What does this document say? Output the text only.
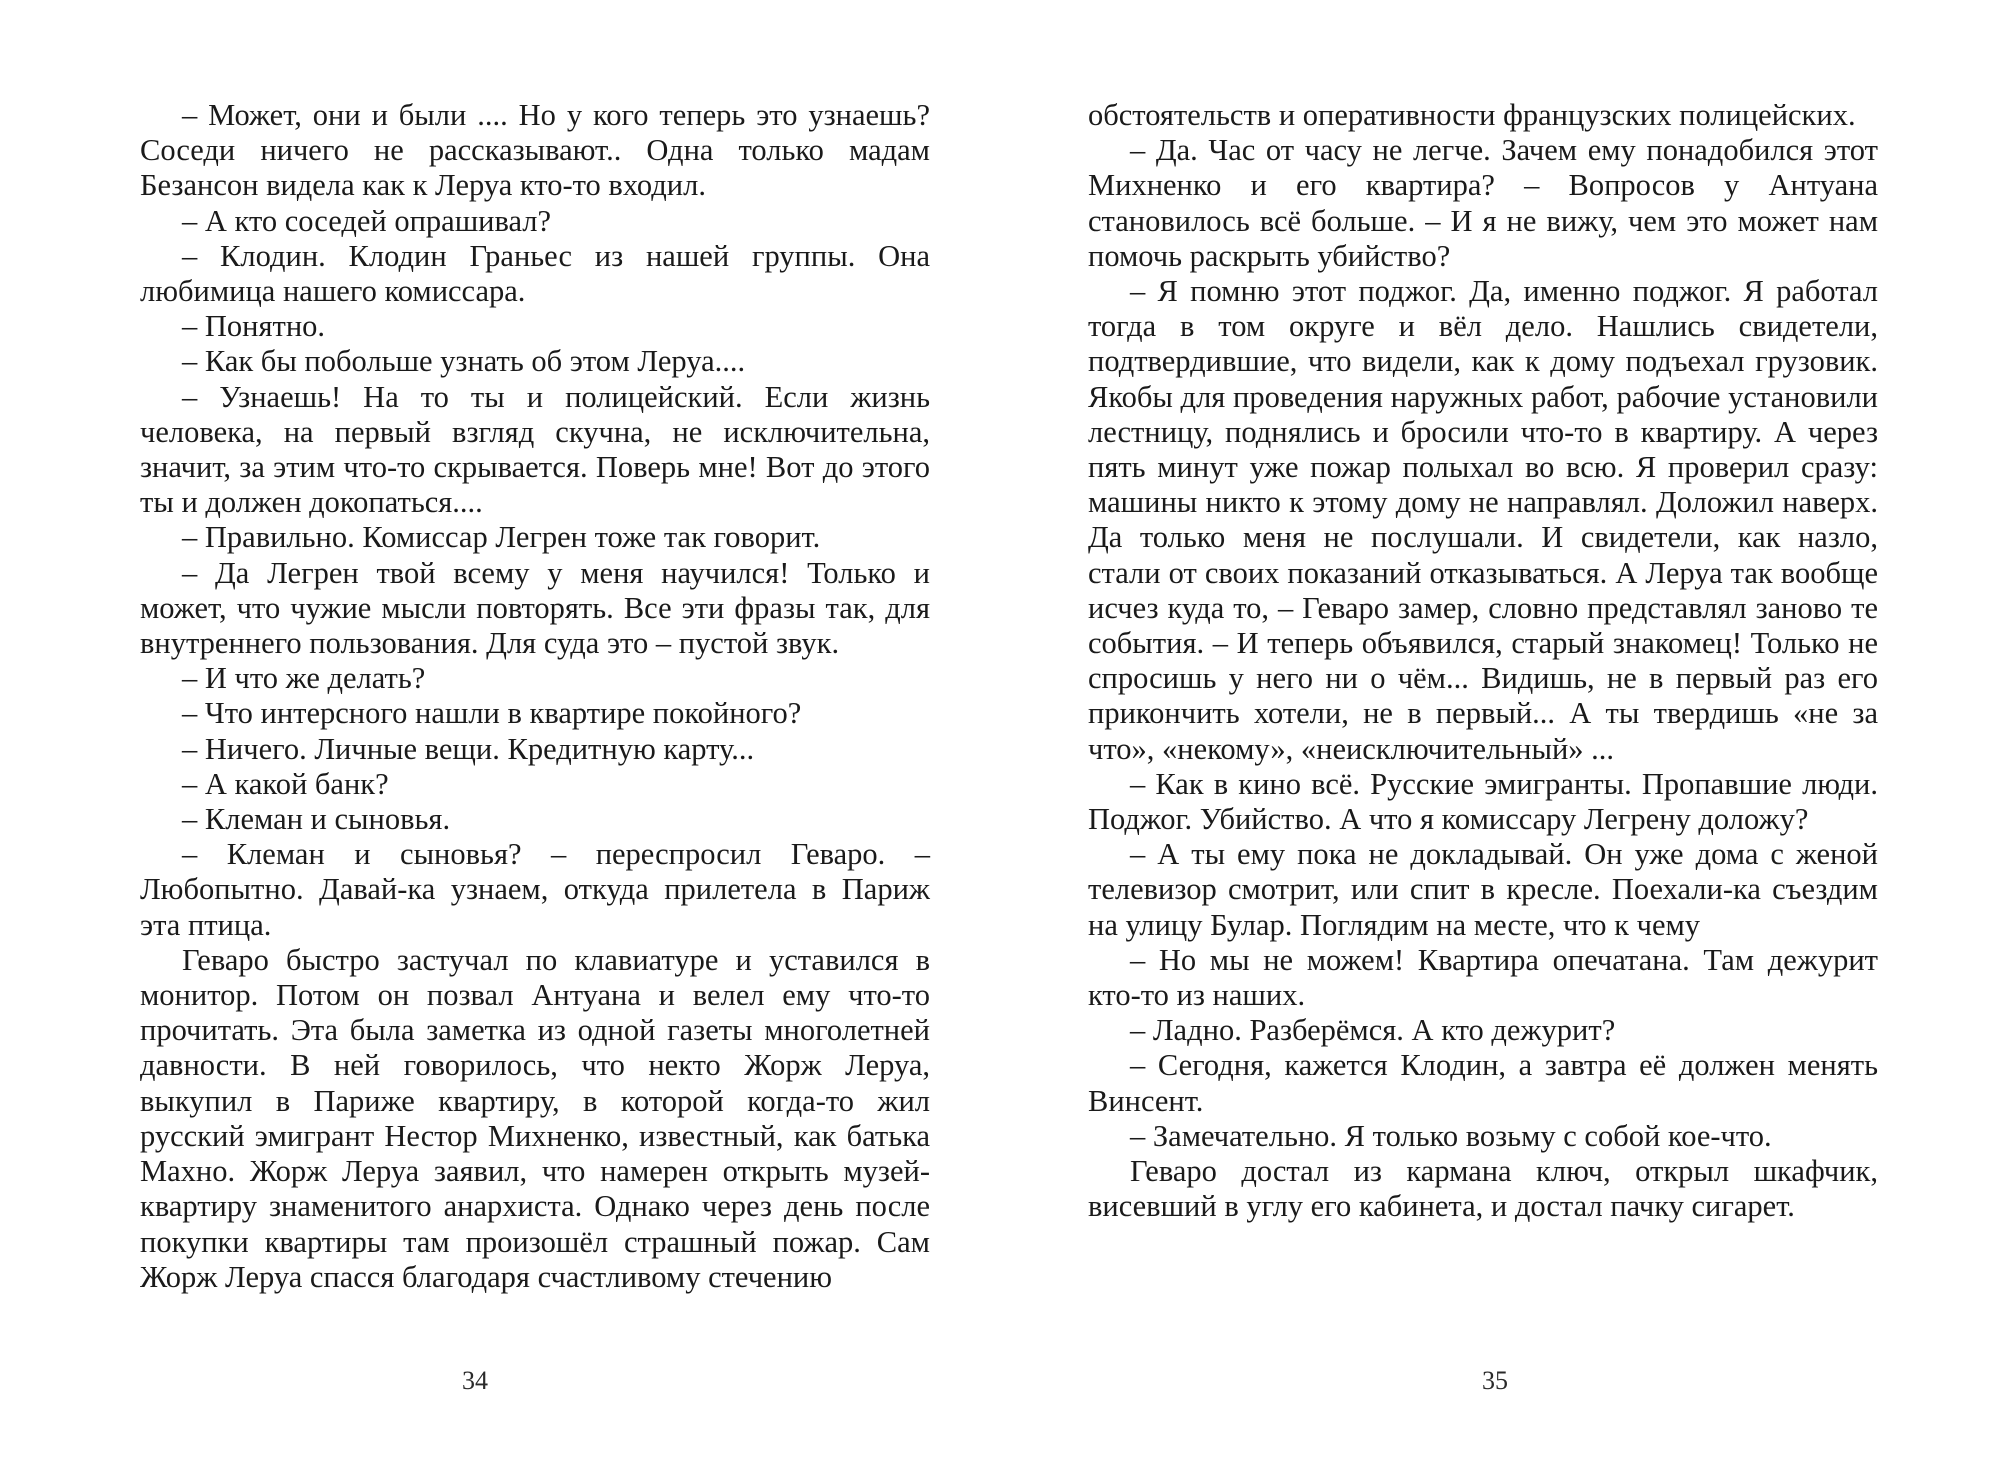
– Может, они и были .... Но у кого теперь это узнаешь? Соседи ничего не рассказывают.. Одна только мадам Безансон видела как к Леруа кто-то входил.

– А кто соседей опрашивал?

– Клодин. Клодин Граньес из нашей группы. Она любимица нашего комиссара.

– Понятно.

– Как бы побольше узнать об этом Леруа....

– Узнаешь! На то ты и полицейский. Если жизнь человека, на первый взгляд скучна, не исключительна, значит, за этим что-то скрывается. Поверь мне! Вот до этого ты и должен докопаться....

– Правильно. Комиссар Легрен тоже так говорит.

– Да Легрен твой всему у меня научился! Только и может, что чужие мысли повторять. Все эти фразы так, для внутреннего пользования. Для суда это – пустой звук.

– И что же делать?

– Что интерсного нашли в квартире покойного?

– Ничего. Личные вещи. Кредитную карту...

– А какой банк?

– Клеман и сыновья.

– Клеман и сыновья? – переспросил Геваро. – Любопытно. Давай-ка узнаем, откуда прилетела в Париж эта птица.

Геваро быстро застучал по клавиатуре и уставился в монитор. Потом он позвал Антуана и велел ему что-то прочитать. Эта была заметка из одной газеты многолетней давности. В ней говорилось, что некто Жорж Леруа, выкупил в Париже квартиру, в которой когда-то жил русский эмигрант Нестор Михненко, известный, как батька Махно. Жорж Леруа заявил, что намерен открыть музей-квартиру знаменитого анархиста. Однако через день после покупки квартиры там произошёл страшный пожар. Сам Жорж Леруа спасся благодаря счастливому стечению

обстоятельств и оперативности французских полицейских.

– Да. Час от часу не легче. Зачем ему понадобился этот Михненко и его квартира? – Вопросов у Антуана становилось всё больше. – И я не вижу, чем это может нам помочь раскрыть убийство?

– Я помню этот поджог. Да, именно поджог. Я работал тогда в том округе и вёл дело. Нашлись свидетели, подтвердившие, что видели, как к дому подъехал грузовик. Якобы для проведения наружных работ, рабочие установили лестницу, поднялись и бросили что-то в квартиру. А через пять минут уже пожар полыхал во всю. Я проверил сразу: машины никто к этому дому не направлял. Доложил наверх. Да только меня не послушали. И свидетели, как назло, стали от своих показаний отказываться. А Леруа так вообще исчез куда то, – Геваро замер, словно представлял заново те события. – И теперь объявился, старый знакомец! Только не спросишь у него ни о чём... Видишь, не в первый раз его прикончить хотели, не в первый... А ты твердишь «не за что», «некому», «неисключительный» ...

– Как в кино всё. Русские эмигранты. Пропавшие люди. Поджог. Убийство. А что я комиссару Легрену доложу?

– А ты ему пока не докладывай. Он уже дома с женой телевизор смотрит, или спит в кресле. Поехали-ка съездим на улицу Булар. Поглядим на месте, что к чему

– Но мы не можем! Квартира опечатана. Там дежурит кто-то из наших.

– Ладно. Разберёмся. А кто дежурит?

– Сегодня, кажется Клодин, а завтра её должен менять Винсент.

– Замечательно. Я только возьму с собой кое-что.

Геваро достал из кармана ключ, открыл шкафчик, висевший в углу его кабинета, и достал пачку сигарет.

34	35
